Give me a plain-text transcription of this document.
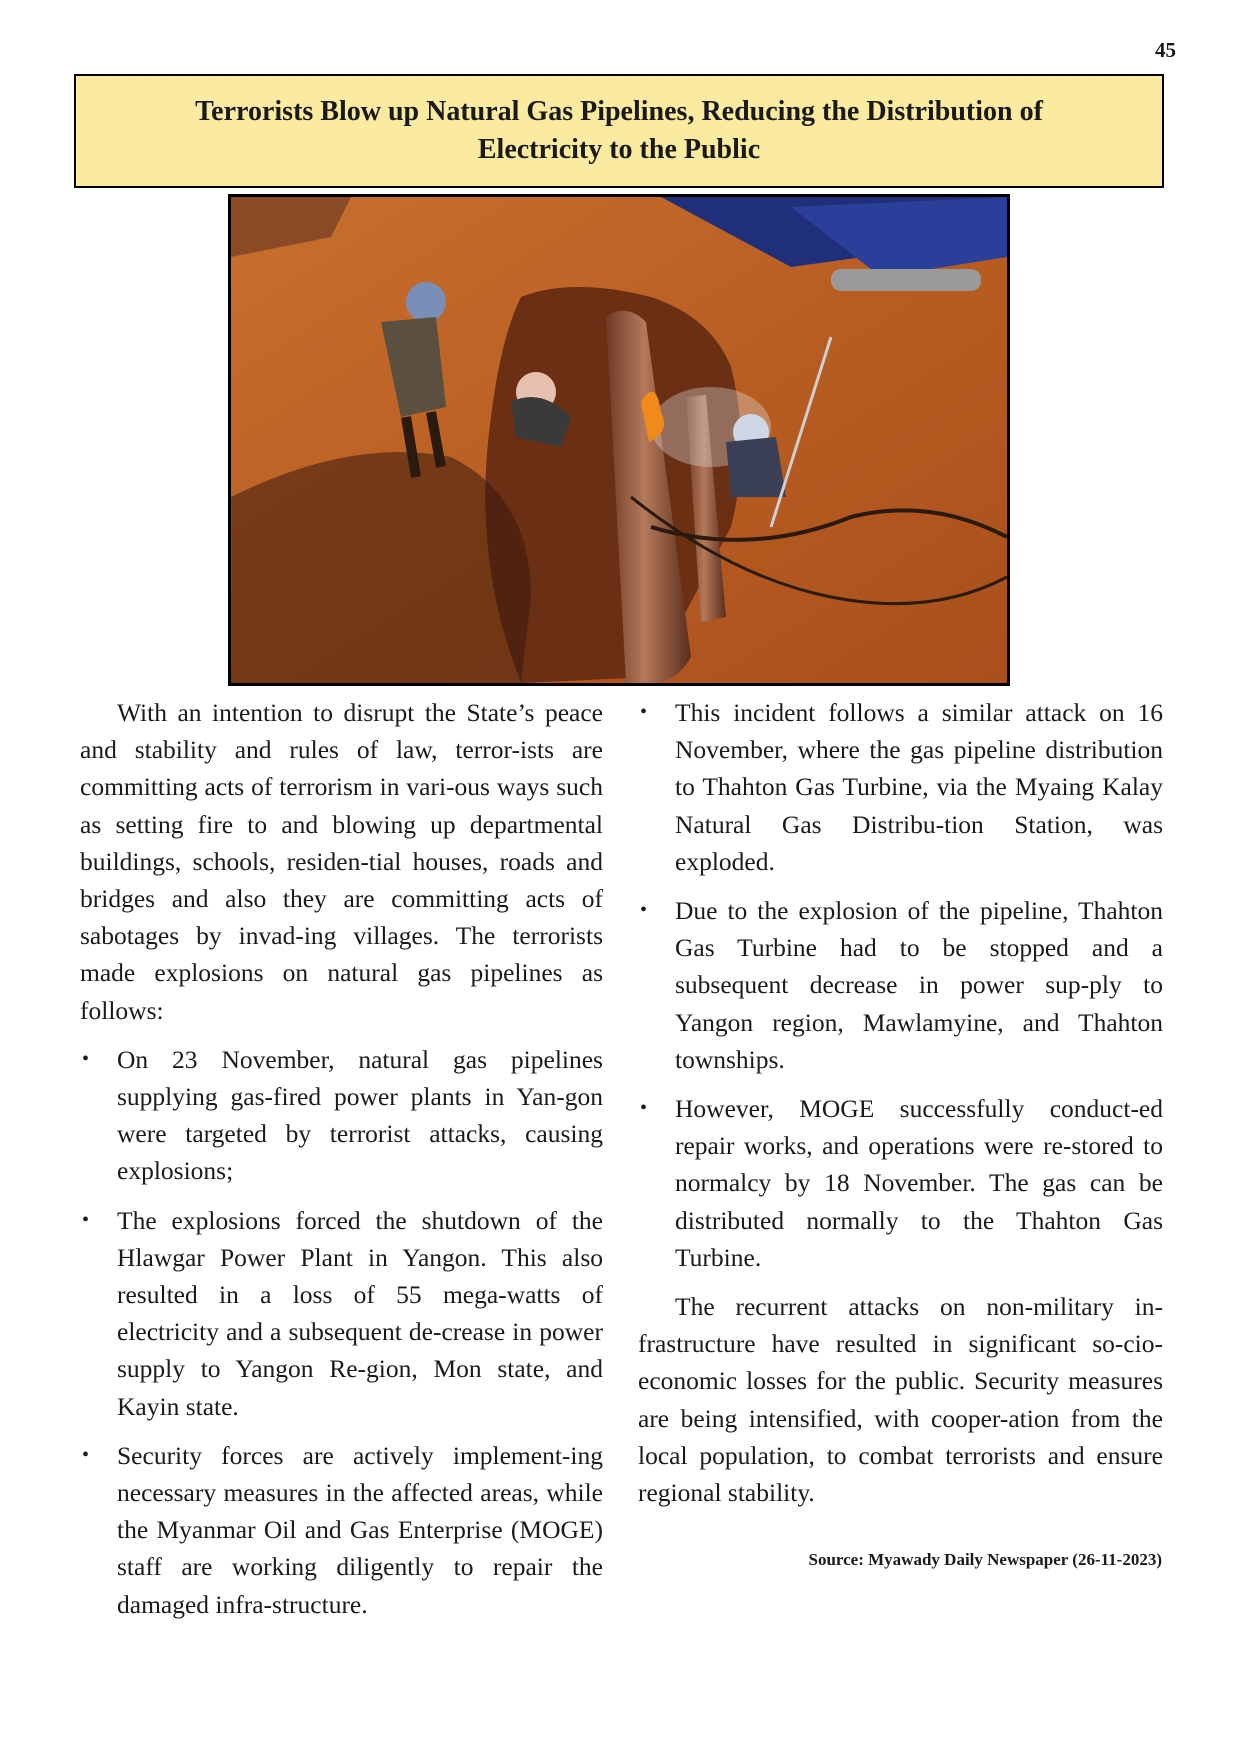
45
Terrorists Blow up Natural Gas Pipelines, Reducing the Distribution of
Electricity to the Public

With an intention to disrupt the State’s peace and stability and rules of law, terror-ists are committing acts of terrorism in vari-ous ways such as setting fire to and blowing up departmental buildings, schools, residen-tial houses, roads and bridges and also they are committing acts of sabotages by invad-ing villages. The terrorists made explosions on natural gas pipelines as follows:

• On 23 November, natural gas pipelines supplying gas-fired power plants in Yan-gon were targeted by terrorist attacks, causing explosions;
• The explosions forced the shutdown of the Hlawgar Power Plant in Yangon. This also resulted in a loss of 55 mega-watts of electricity and a subsequent de-crease in power supply to Yangon Re-gion, Mon state, and Kayin state.
• Security forces are actively implement-ing necessary measures in the affected areas, while the Myanmar Oil and Gas Enterprise (MOGE) staff are working diligently to repair the damaged infra-structure.
• This incident follows a similar attack on 16 November, where the gas pipeline distribution to Thahton Gas Turbine, via the Myaing Kalay Natural Gas Distribu-tion Station, was exploded.
• Due to the explosion of the pipeline, Thahton Gas Turbine had to be stopped and a subsequent decrease in power sup-ply to Yangon region, Mawlamyine, and Thahton townships.
• However, MOGE successfully conduct-ed repair works, and operations were re-stored to normalcy by 18 November. The gas can be distributed normally to the Thahton Gas Turbine.

The recurrent attacks on non-military in-frastructure have resulted in significant so-cio-economic losses for the public. Security measures are being intensified, with cooper-ation from the local population, to combat terrorists and ensure regional stability.

Source: Myawady Daily Newspaper (26-11-2023)
